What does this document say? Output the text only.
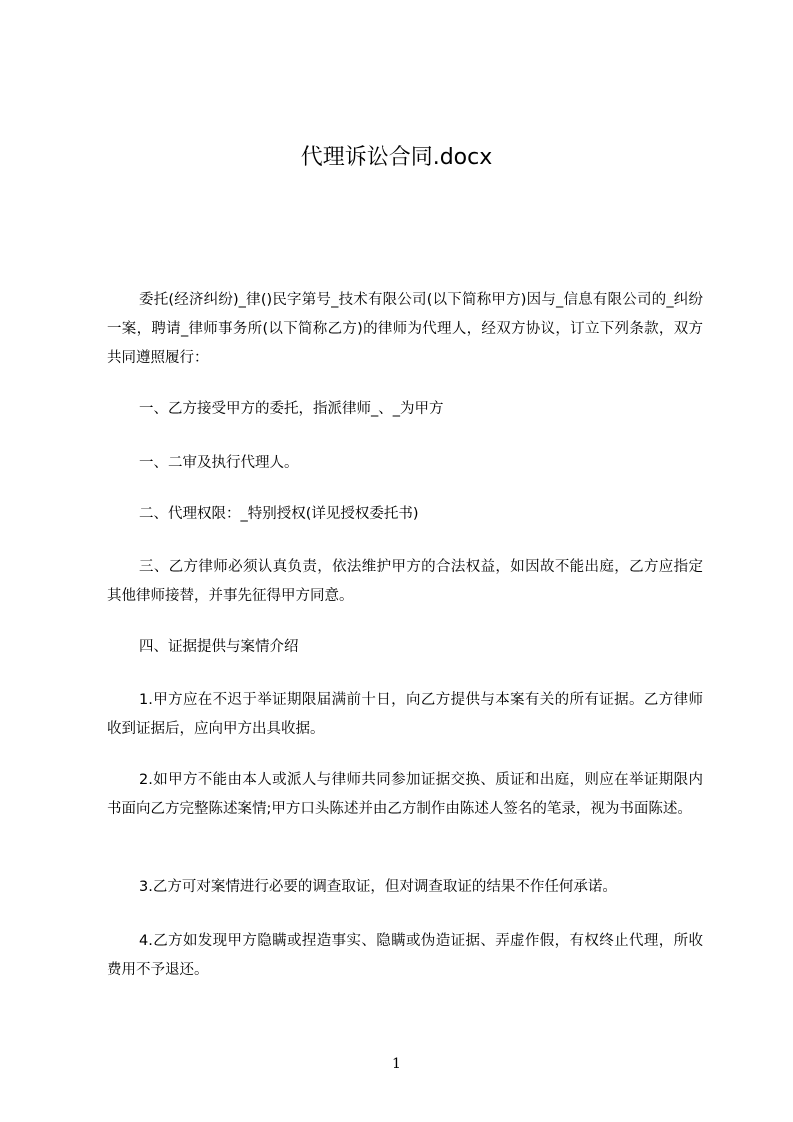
代理诉讼合同.docx

委托(经济纠纷)_律()民字第号_技术有限公司(以下简称甲方)因与_信息有限公司的_纠纷一案，聘请_律师事务所(以下简称乙方)的律师为代理人，经双方协议，订立下列条款，双方共同遵照履行：

一、乙方接受甲方的委托，指派律师_、_为甲方

一、二审及执行代理人。

二、代理权限：_特别授权(详见授权委托书)

三、乙方律师必须认真负责，依法维护甲方的合法权益，如因故不能出庭，乙方应指定其他律师接替，并事先征得甲方同意。

四、证据提供与案情介绍

1.甲方应在不迟于举证期限届满前十日，向乙方提供与本案有关的所有证据。乙方律师收到证据后，应向甲方出具收据。

2.如甲方不能由本人或派人与律师共同参加证据交换、质证和出庭，则应在举证期限内书面向乙方完整陈述案情;甲方口头陈述并由乙方制作由陈述人签名的笔录，视为书面陈述。

3.乙方可对案情进行必要的调查取证，但对调查取证的结果不作任何承诺。

4.乙方如发现甲方隐瞒或捏造事实、隐瞒或伪造证据、弄虚作假，有权终止代理，所收费用不予退还。

1
